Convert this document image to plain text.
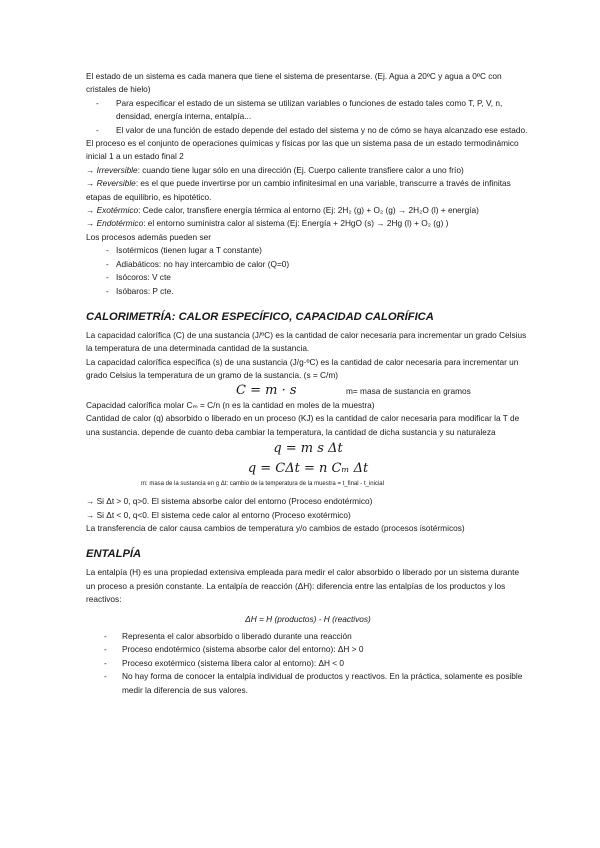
El estado de un sistema es cada manera que tiene el sistema de presentarse. (Ej. Agua a 20ºC y agua a 0ºC con cristales de hielo)

- Para especificar el estado de un sistema se utilizan variables o funciones de estado tales como T, P, V, n, densidad, energía interna, entalpía...
- El valor de una función de estado depende del estado del sistema y no de cómo se haya alcanzado ese estado.

El proceso es el conjunto de operaciones químicas y físicas por las que un sistema pasa de un estado termodinámico inicial 1 a un estado final 2

→ Irreversible: cuando tiene lugar sólo en una dirección (Ej. Cuerpo caliente transfiere calor a uno frío)

→ Reversible: es el que puede invertirse por un cambio infinitesimal en una variable, transcurre a través de infinitas etapas de equilibrio, es hipotético.

→ Exotérmico: Cede calor, transfiere energía térmica al entorno (Ej: 2H₂ (g) + O₂ (g) → 2H₂O (l) + energía)

→ Endotérmico: el entorno suministra calor al sistema (Ej: Energía + 2HgO (s) → 2Hg (l) + O₂ (g) )

Los procesos además pueden ser

- Isotérmicos (tienen lugar a T constante)
- Adiabáticos: no hay intercambio de calor (Q=0)
- Isócoros: V cte
- Isóbaros: P cte.
CALORIMETRÍA: CALOR ESPECÍFICO, CAPACIDAD CALORÍFICA

La capacidad calorífica (C) de una sustancia (J/ºC) es la cantidad de calor necesaria para incrementar un grado Celsius la temperatura de una determinada cantidad de la sustancia.

La capacidad calorífica específica (s) de una sustancia (J/g·ºC) es la cantidad de calor necesaria para incrementar un grado Celsius la temperatura de un gramo de la sustancia. (s = C/m)

C = m · s	m= masa de sustancia en gramos

Capacidad calorífica molar Cₘ = C/n (n es la cantidad en moles de la muestra)

Cantidad de calor (q) absorbido o liberado en un proceso (KJ) es la cantidad de calor necesaria para modificar la T de una sustancia. depende de cuanto deba cambiar la temperatura, la cantidad de dicha sustancia y su naturaleza

q = m s Δt
q = CΔt = n Cₘ Δt

m: masa de la sustancia en g Δt: cambio de la temperatura de la muestra = t_final - t_inicial

→ Si Δt > 0, q>0. El sistema absorbe calor del entorno (Proceso endotérmico)

→ Si Δt < 0, q<0. El sistema cede calor al entorno (Proceso exotérmico)

La transferencia de calor causa cambios de temperatura y/o cambios de estado (procesos isotérmicos)

ENTALPÍA

La entalpía (H) es una propiedad extensiva empleada para medir el calor absorbido o liberado por un sistema durante un proceso a presión constante. La entalpía de reacción (ΔH): diferencia entre las entalpías de los productos y los reactivos:

ΔH = H (productos) - H (reactivos)

- Representa el calor absorbido o liberado durante una reacción
- Proceso endotérmico (sistema absorbe calor del entorno): ΔH > 0
- Proceso exotérmico (sistema libera calor al entorno): ΔH < 0
- No hay forma de conocer la entalpía individual de productos y reactivos. En la práctica, solamente es posible medir la diferencia de sus valores.
